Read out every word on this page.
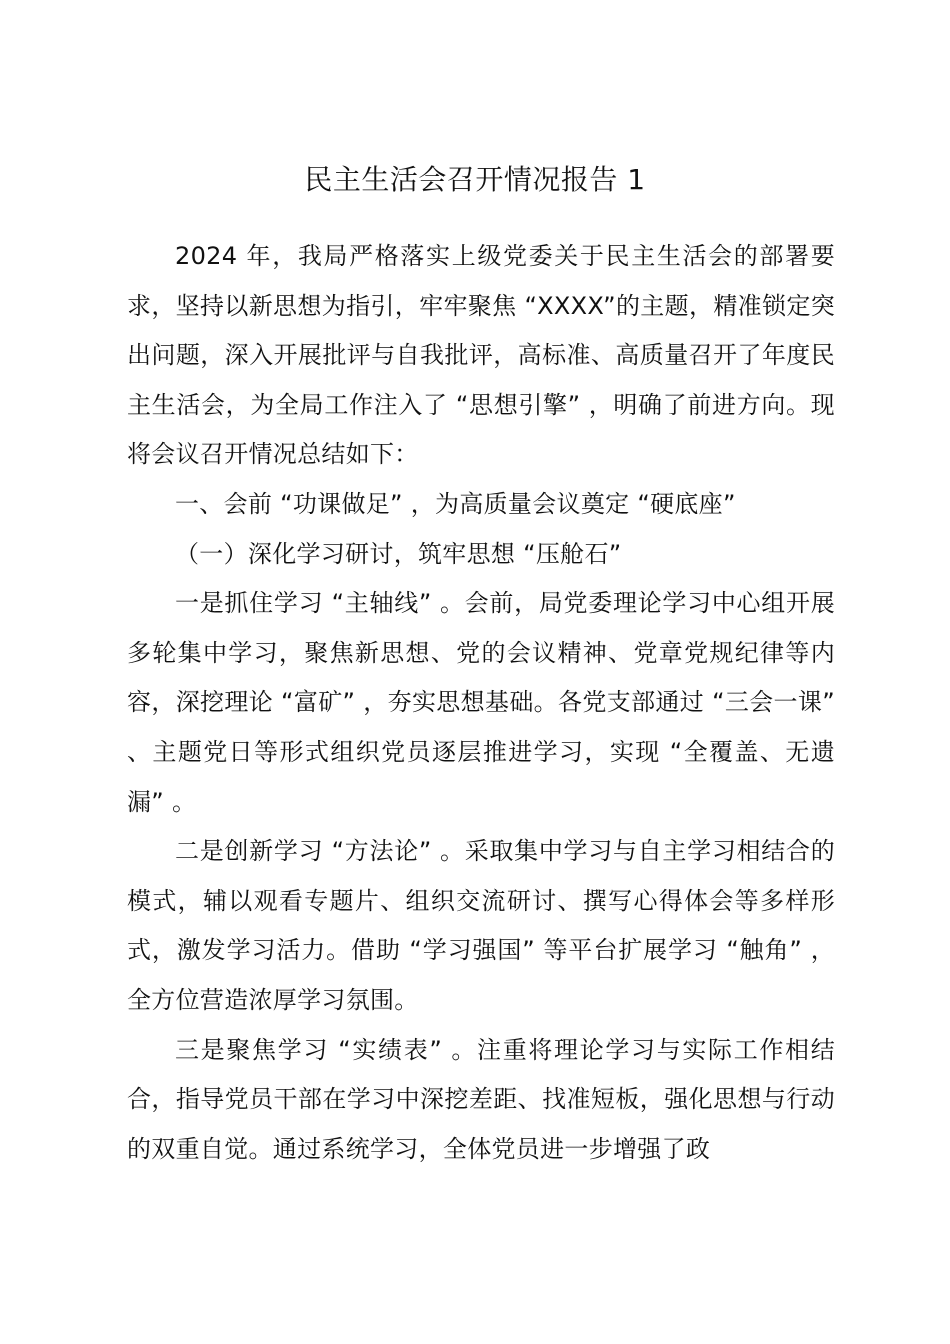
民主生活会召开情况报告 1

2024 年，我局严格落实上级党委关于民主生活会的部署要求，坚持以新思想为指引，牢牢聚焦 “XXXX”的主题，精准锁定突出问题，深入开展批评与自我批评，高标准、高质量召开了年度民主生活会，为全局工作注入了 “思想引擎” ，明确了前进方向。现将会议召开情况总结如下：

一、会前 “功课做足” ，为高质量会议奠定 “硬底座”

（一）深化学习研讨，筑牢思想 “压舱石”

一是抓住学习 “主轴线” 。会前，局党委理论学习中心组开展多轮集中学习，聚焦新思想、党的会议精神、党章党规纪律等内容，深挖理论 “富矿” ，夯实思想基础。各党支部通过 “三会一课” 、主题党日等形式组织党员逐层推进学习，实现 “全覆盖、无遗漏” 。

二是创新学习 “方法论” 。采取集中学习与自主学习相结合的模式，辅以观看专题片、组织交流研讨、撰写心得体会等多样形式，激发学习活力。借助 “学习强国” 等平台扩展学习 “触角” ，全方位营造浓厚学习氛围。

三是聚焦学习 “实绩表” 。注重将理论学习与实际工作相结合，指导党员干部在学习中深挖差距、找准短板，强化思想与行动的双重自觉。通过系统学习，全体党员进一步增强了政
